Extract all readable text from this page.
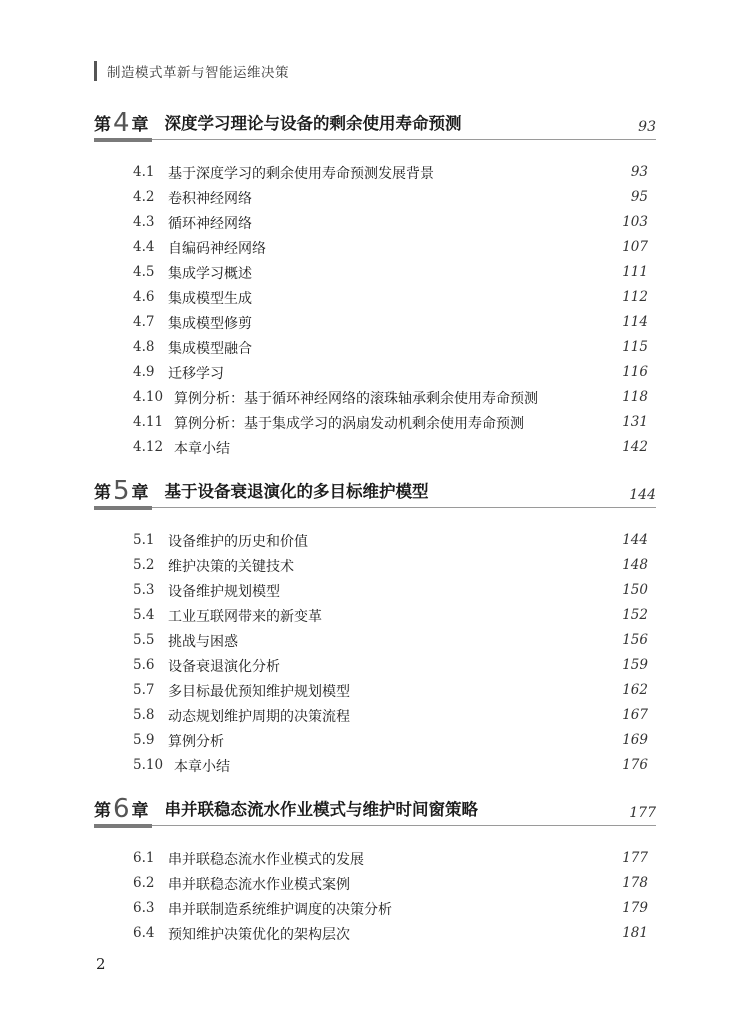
制造模式革新与智能运维决策
第 4 章 深度学习理论与设备的剩余使用寿命预测	93
4.1 基于深度学习的剩余使用寿命预测发展背景	93
4.2 卷积神经网络	95
4.3 循环神经网络	103
4.4 自编码神经网络	107
4.5 集成学习概述	111
4.6 集成模型生成	112
4.7 集成模型修剪	114
4.8 集成模型融合	115
4.9 迁移学习	116
4.10 算例分析：基于循环神经网络的滚珠轴承剩余使用寿命预测	118
4.11 算例分析：基于集成学习的涡扇发动机剩余使用寿命预测	131
4.12 本章小结	142
第 5 章 基于设备衰退演化的多目标维护模型	144
5.1 设备维护的历史和价值	144
5.2 维护决策的关键技术	148
5.3 设备维护规划模型	150
5.4 工业互联网带来的新变革	152
5.5 挑战与困惑	156
5.6 设备衰退演化分析	159
5.7 多目标最优预知维护规划模型	162
5.8 动态规划维护周期的决策流程	167
5.9 算例分析	169
5.10 本章小结	176
第 6 章 串并联稳态流水作业模式与维护时间窗策略	177
6.1 串并联稳态流水作业模式的发展	177
6.2 串并联稳态流水作业模式案例	178
6.3 串并联制造系统维护调度的决策分析	179
6.4 预知维护决策优化的架构层次	181
2
